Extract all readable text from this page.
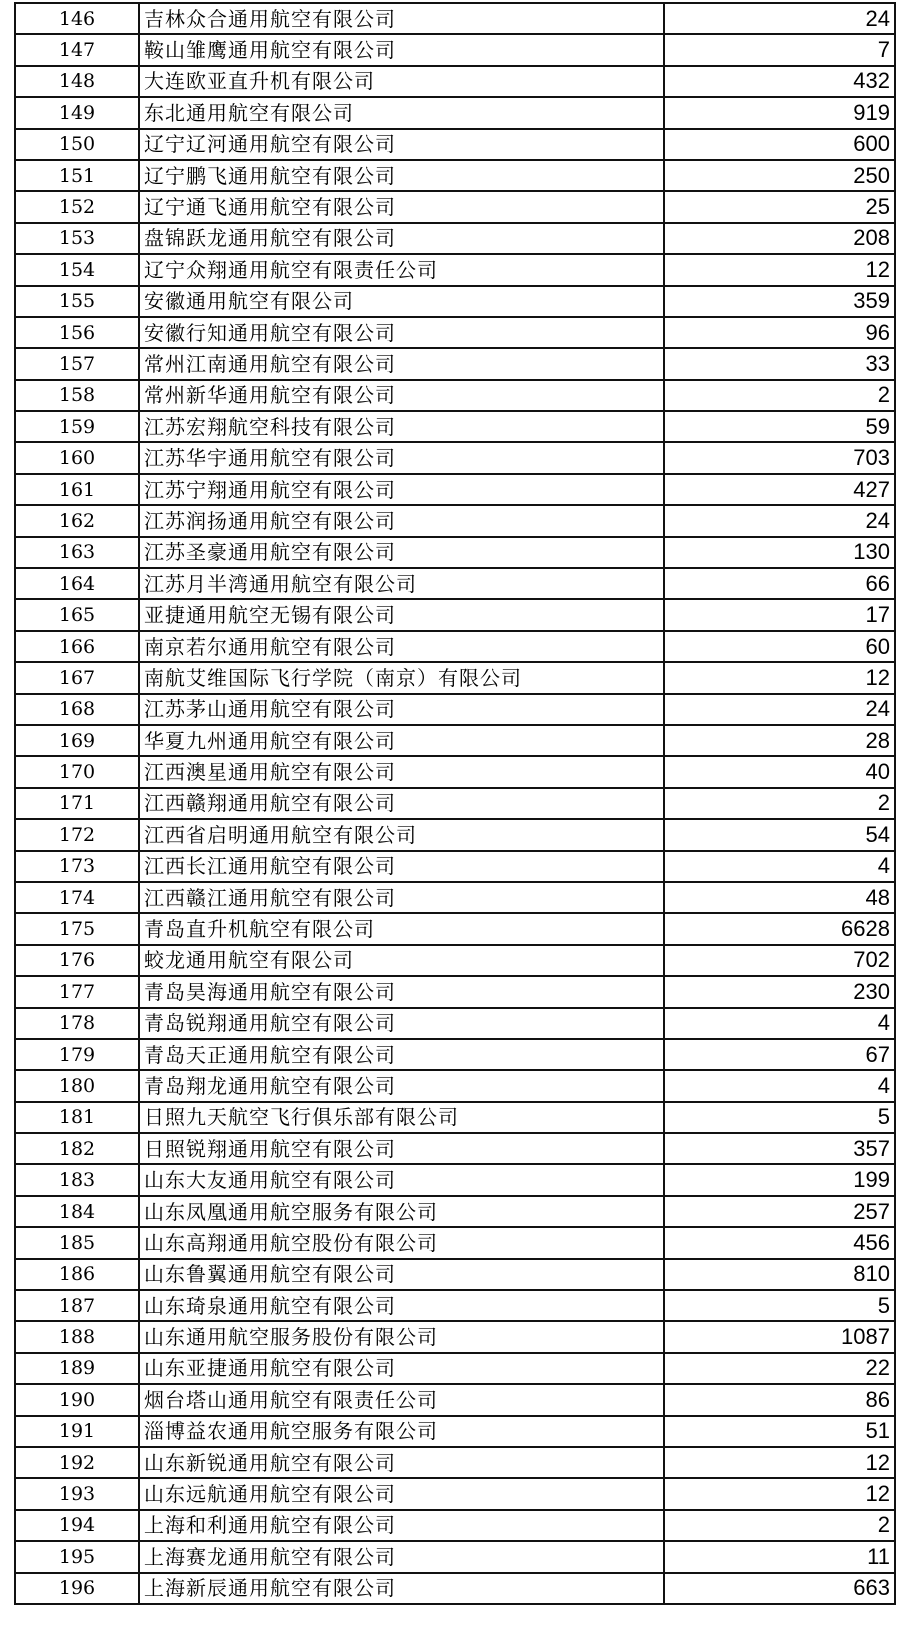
146	吉林众合通用航空有限公司	24
147	鞍山雏鹰通用航空有限公司	7
148	大连欧亚直升机有限公司	432
149	东北通用航空有限公司	919
150	辽宁辽河通用航空有限公司	600
151	辽宁鹏飞通用航空有限公司	250
152	辽宁通飞通用航空有限公司	25
153	盘锦跃龙通用航空有限公司	208
154	辽宁众翔通用航空有限责任公司	12
155	安徽通用航空有限公司	359
156	安徽行知通用航空有限公司	96
157	常州江南通用航空有限公司	33
158	常州新华通用航空有限公司	2
159	江苏宏翔航空科技有限公司	59
160	江苏华宇通用航空有限公司	703
161	江苏宁翔通用航空有限公司	427
162	江苏润扬通用航空有限公司	24
163	江苏圣豪通用航空有限公司	130
164	江苏月半湾通用航空有限公司	66
165	亚捷通用航空无锡有限公司	17
166	南京若尔通用航空有限公司	60
167	南航艾维国际飞行学院（南京）有限公司	12
168	江苏茅山通用航空有限公司	24
169	华夏九州通用航空有限公司	28
170	江西澳星通用航空有限公司	40
171	江西赣翔通用航空有限公司	2
172	江西省启明通用航空有限公司	54
173	江西长江通用航空有限公司	4
174	江西赣江通用航空有限公司	48
175	青岛直升机航空有限公司	6628
176	蛟龙通用航空有限公司	702
177	青岛昊海通用航空有限公司	230
178	青岛锐翔通用航空有限公司	4
179	青岛天正通用航空有限公司	67
180	青岛翔龙通用航空有限公司	4
181	日照九天航空飞行俱乐部有限公司	5
182	日照锐翔通用航空有限公司	357
183	山东大友通用航空有限公司	199
184	山东凤凰通用航空服务有限公司	257
185	山东高翔通用航空股份有限公司	456
186	山东鲁翼通用航空有限公司	810
187	山东琦泉通用航空有限公司	5
188	山东通用航空服务股份有限公司	1087
189	山东亚捷通用航空有限公司	22
190	烟台塔山通用航空有限责任公司	86
191	淄博益农通用航空服务有限公司	51
192	山东新锐通用航空有限公司	12
193	山东远航通用航空有限公司	12
194	上海和利通用航空有限公司	2
195	上海赛龙通用航空有限公司	11
196	上海新辰通用航空有限公司	663
